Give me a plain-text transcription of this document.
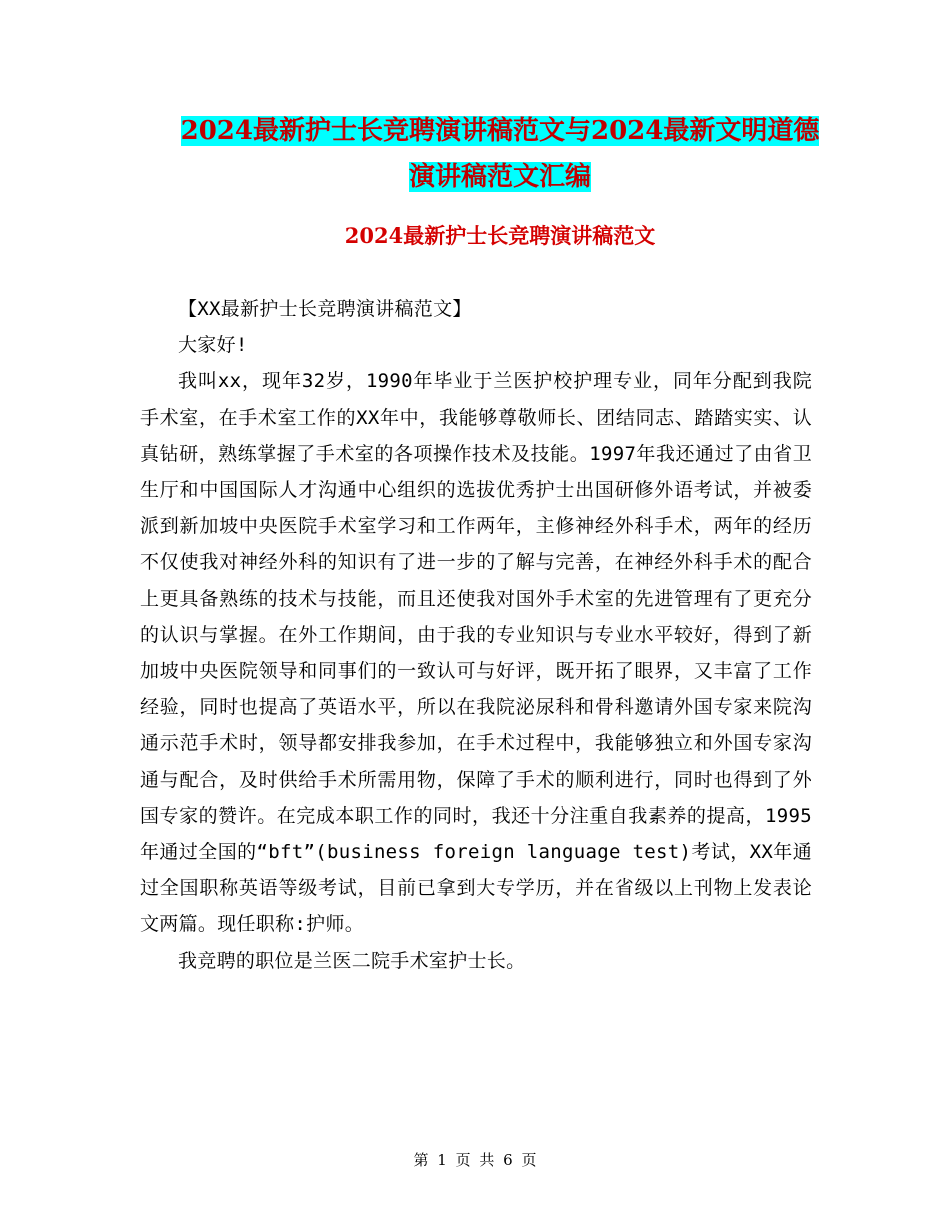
2024最新护士长竞聘演讲稿范文与2024最新文明道德
演讲稿范文汇编
2024最新护士长竞聘演讲稿范文

【XX最新护士长竞聘演讲稿范文】

大家好!

我叫xx，现年32岁，1990年毕业于兰医护校护理专业，同年分配到我院手术室，在手术室工作的XX年中，我能够尊敬师长、团结同志、踏踏实实、认真钻研，熟练掌握了手术室的各项操作技术及技能。1997年我还通过了由省卫生厅和中国国际人才沟通中心组织的选拔优秀护士出国研修外语考试，并被委派到新加坡中央医院手术室学习和工作两年，主修神经外科手术，两年的经历不仅使我对神经外科的知识有了进一步的了解与完善，在神经外科手术的配合上更具备熟练的技术与技能，而且还使我对国外手术室的先进管理有了更充分的认识与掌握。在外工作期间，由于我的专业知识与专业水平较好，得到了新加坡中央医院领导和同事们的一致认可与好评，既开拓了眼界，又丰富了工作经验，同时也提高了英语水平，所以在我院泌尿科和骨科邀请外国专家来院沟通示范手术时，领导都安排我参加，在手术过程中，我能够独立和外国专家沟通与配合，及时供给手术所需用物，保障了手术的顺利进行，同时也得到了外国专家的赞许。在完成本职工作的同时，我还十分注重自我素养的提高，1995年通过全国的“bft”(business foreign language test)考试，XX年通过全国职称英语等级考试，目前已拿到大专学历，并在省级以上刊物上发表论文两篇。现任职称:护师。

我竞聘的职位是兰医二院手术室护士长。

第 1 页 共 6 页
